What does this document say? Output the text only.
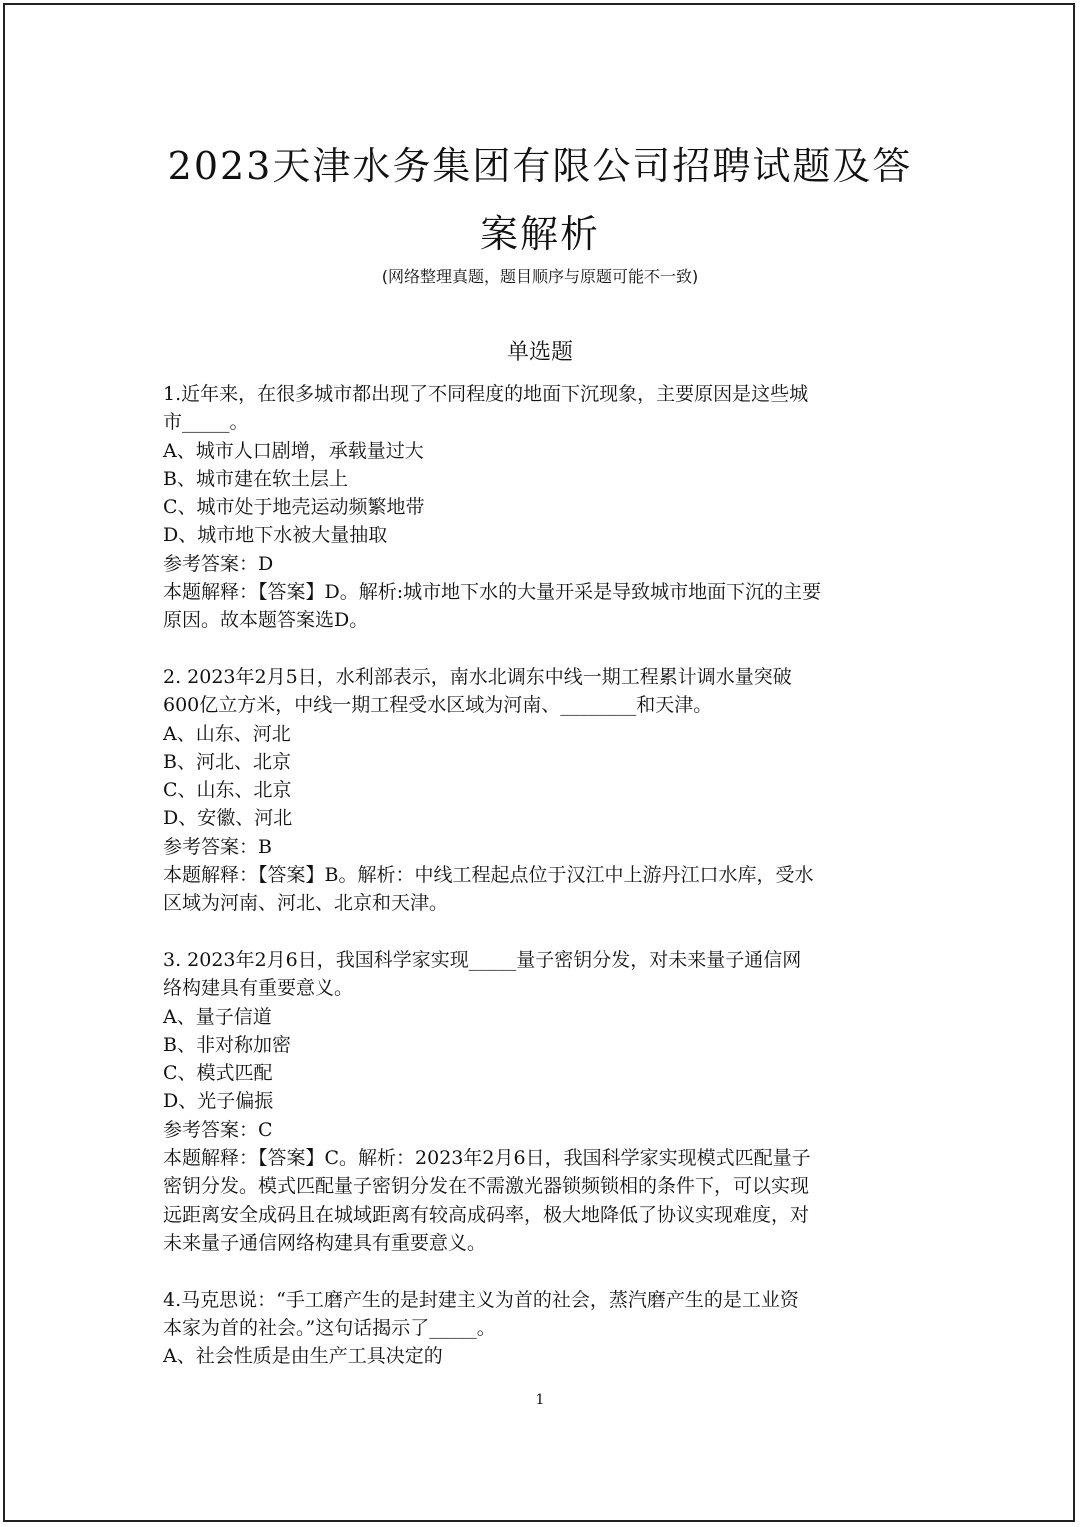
2023天津水务集团有限公司招聘试题及答
案解析
(网络整理真题，题目顺序与原题可能不一致)
单选题

1.近年来，在很多城市都出现了不同程度的地面下沉现象，主要原因是这些城

市_____。

A、城市人口剧增，承载量过大

B、城市建在软土层上

C、城市处于地壳运动频繁地带

D、城市地下水被大量抽取

参考答案：D

本题解释：【答案】D。解析:城市地下水的大量开采是导致城市地面下沉的主要

原因。故本题答案选D。

2. 2023年2月5日，水利部表示，南水北调东中线一期工程累计调水量突破

600亿立方米，中线一期工程受水区域为河南、________和天津。

A、山东、河北

B、河北、北京

C、山东、北京

D、安徽、河北

参考答案：B

本题解释：【答案】B。解析：中线工程起点位于汉江中上游丹江口水库，受水

区域为河南、河北、北京和天津。

3. 2023年2月6日，我国科学家实现_____量子密钥分发，对未来量子通信网

络构建具有重要意义。

A、量子信道

B、非对称加密

C、模式匹配

D、光子偏振

参考答案：C

本题解释：【答案】C。解析：2023年2月6日，我国科学家实现模式匹配量子

密钥分发。模式匹配量子密钥分发在不需激光器锁频锁相的条件下，可以实现

远距离安全成码且在城域距离有较高成码率，极大地降低了协议实现难度，对

未来量子通信网络构建具有重要意义。

4.马克思说：“手工磨产生的是封建主义为首的社会，蒸汽磨产生的是工业资

本家为首的社会。”这句话揭示了_____。

A、社会性质是由生产工具决定的

1
